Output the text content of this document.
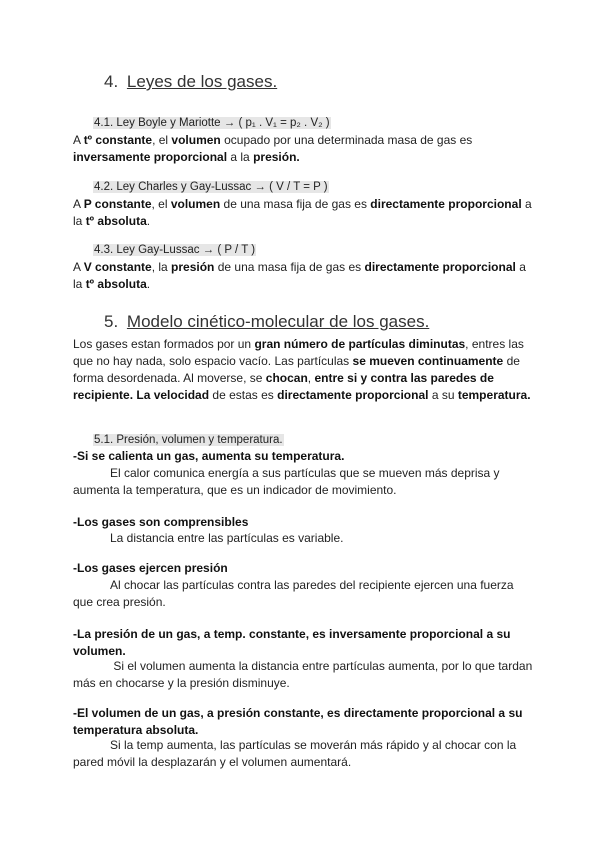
4. Leyes de los gases.
4.1. Ley Boyle y Mariotte → ( p₁ . V₁ = p₂ . V₂ )
A tº constante, el volumen ocupado por una determinada masa de gas es inversamente proporcional a la presión.
4.2. Ley Charles y Gay-Lussac → ( V / T = P )
A P constante, el volumen de una masa fija de gas es directamente proporcional a la tº absoluta.
4.3. Ley Gay-Lussac → ( P / T )
A V constante, la presión de una masa fija de gas es directamente proporcional a la tº absoluta.
5. Modelo cinético-molecular de los gases.
Los gases estan formados por un gran número de partículas diminutas, entres las que no hay nada, solo espacio vacío. Las partículas se mueven continuamente de forma desordenada. Al moverse, se chocan, entre si y contra las paredes de recipiente. La velocidad de estas es directamente proporcional a su temperatura.
5.1. Presión, volumen y temperatura.
-Si se calienta un gas, aumenta su temperatura.
El calor comunica energía a sus partículas que se mueven más deprisa y aumenta la temperatura, que es un indicador de movimiento.
-Los gases son comprensibles
La distancia entre las partículas es variable.
-Los gases ejercen presión
Al chocar las partículas contra las paredes del recipiente ejercen una fuerza que crea presión.
-La presión de un gas, a temp. constante, es inversamente proporcional a su volumen.
Si el volumen aumenta la distancia entre partículas aumenta, por lo que tardan más en chocarse y la presión disminuye.
-El volumen de un gas, a presión constante, es directamente proporcional a su temperatura absoluta.
Si la temp aumenta, las partículas se moverán más rápido y al chocar con la pared móvil la desplazarán y el volumen aumentará.
